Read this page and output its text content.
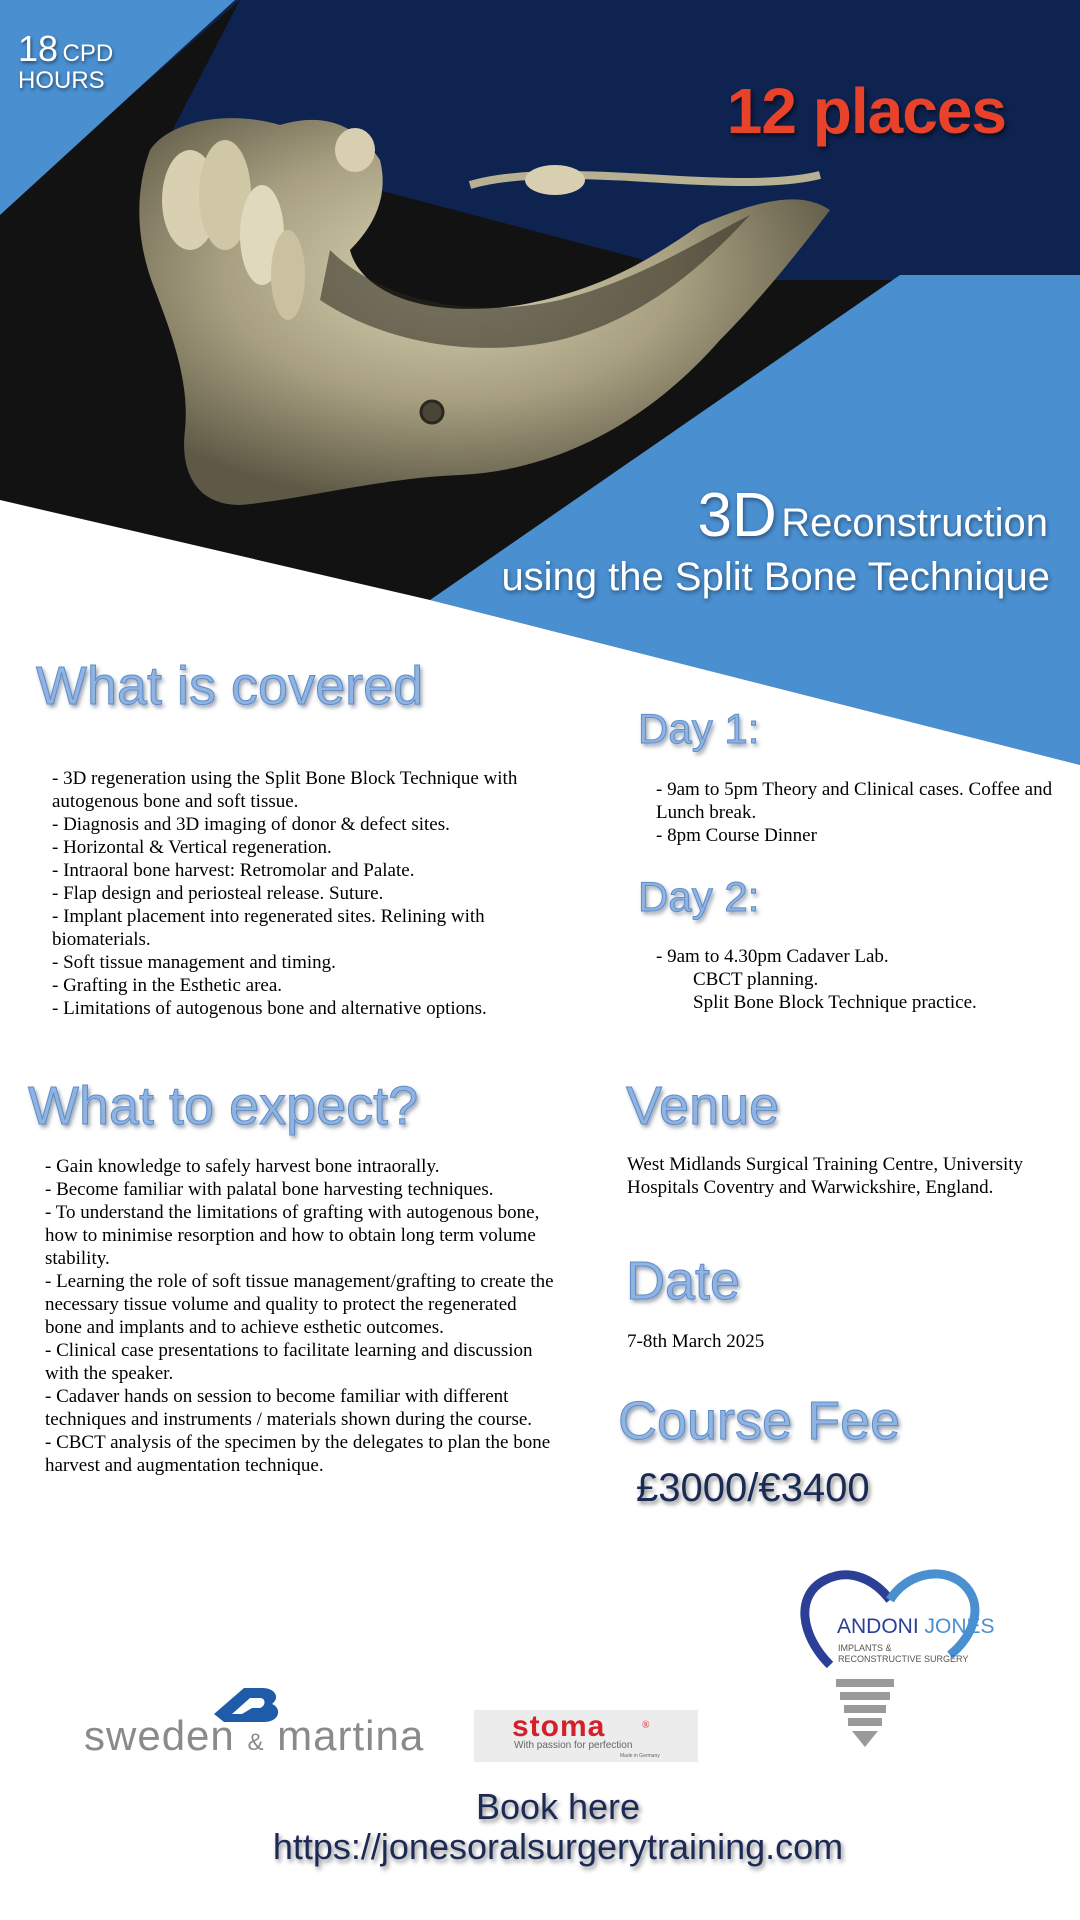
18 CPD
HOURS	12 places
3D Reconstruction
using the Split Bone Technique
What is covered
- 3D regeneration using the Split Bone Block Technique with autogenous bone and soft tissue.
- Diagnosis and 3D imaging of donor & defect sites.
- Horizontal & Vertical regeneration.
- Intraoral bone harvest: Retromolar and Palate.
- Flap design and periosteal release. Suture.
- Implant placement into regenerated sites. Relining with biomaterials.
- Soft tissue management and timing.
- Grafting in the Esthetic area.
- Limitations of autogenous bone and alternative options.
Day 1:
- 9am to 5pm Theory and Clinical cases. Coffee and Lunch break.
- 8pm Course Dinner
Day 2:
- 9am to 4.30pm Cadaver Lab.
CBCT planning.
Split Bone Block Technique practice.
What to expect?
- Gain knowledge to safely harvest bone intraorally.
- Become familiar with palatal bone harvesting techniques.
- To understand the limitations of grafting with autogenous bone, how to minimise resorption and how to obtain long term volume stability.
- Learning the role of soft tissue management/grafting to create the necessary tissue volume and quality to protect the regenerated bone and implants and to achieve esthetic outcomes.
- Clinical case presentations to facilitate learning and discussion with the speaker.
- Cadaver hands on session to become familiar with different techniques and instruments / materials shown during the course.
- CBCT analysis of the specimen by the delegates to plan the bone harvest and augmentation technique.
Venue
West Midlands Surgical Training Centre, University Hospitals Coventry and Warwickshire, England.
Date
7-8th March 2025
Course Fee
£3000/€3400
sweden & martina	stoma	®
With passion for perfection
Made in Germany
ANDONI JONES
IMPLANTS &
RECONSTRUCTIVE SURGERY
Book here
https://jonesoralsurgerytraining.com
